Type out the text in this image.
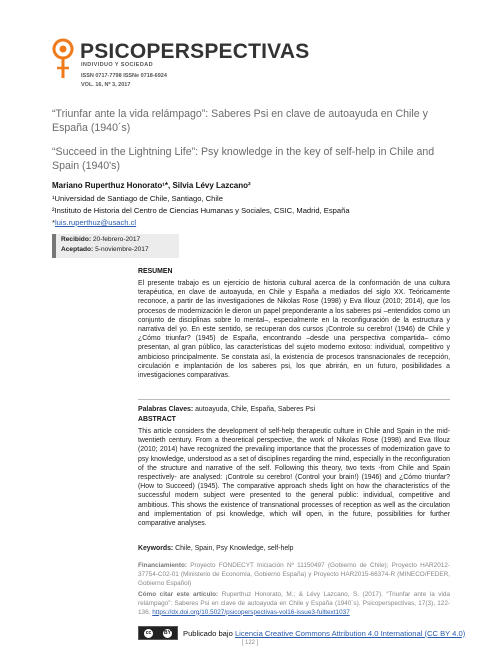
PSICOPERSPECTIVAS
INDIVIDUO Y SOCIEDAD
ISSN 0717-7798 ISSNe 0718-6924
VOL. 16, Nº 3, 2017
“Triunfar ante la vida relámpago”: Saberes Psi en clave de autoayuda en Chile y España (1940´s)
“Succeed in the Lightning Life”: Psy knowledge in the key of self-help in Chile and Spain (1940's)
Mariano Ruperthuz Honorato¹*, Silvia Lévy Lazcano²
¹Universidad de Santiago de Chile, Santiago, Chile
²Instituto de Historia del Centro de Ciencias Humanas y Sociales, CSIC, Madrid, España
*luis.ruperthuz@usach.cl
Recibido: 20-febrero-2017
Aceptado: 5-noviembre-2017
RESUMEN

El presente trabajo es un ejercicio de historia cultural acerca de la conformación de una cultura terapéutica, en clave de autoayuda, en Chile y España a mediados del siglo XX. Teóricamente reconoce, a partir de las investigaciones de Nikolas Rose (1998) y Eva Illouz (2010; 2014), que los procesos de modernización le dieron un papel preponderante a los saberes psi –entendidos como un conjunto de disciplinas sobre lo mental–, especialmente en la reconfiguración de la estructura y narrativa del yo. En este sentido, se recuperan dos cursos ¡Controle su cerebro! (1946) de Chile y ¿Cómo triunfar? (1945) de España, encontrando –desde una perspectiva compartida– cómo presentan, al gran público, las características del sujeto moderno exitoso: individual, competitivo y ambicioso principalmente. Se constata así, la existencia de procesos transnacionales de recepción, circulación e implantación de los saberes psi, los que abrirán, en un futuro, posibilidades a investigaciones comparativas.

Palabras Claves: autoayuda, Chile, España, Saberes Psi
ABSTRACT

This article considers the development of self-help therapeutic culture in Chile and Spain in the mid-twentieth century. From a theoretical perspective, the work of Nikolas Rose (1998) and Eva Illouz (2010; 2014) have recognized the prevailing importance that the processes of modernization gave to psy knowledge, understood as a set of disciplines regarding the mind, especially in the reconfiguration of the structure and narrative of the self. Following this theory, two texts -from Chile and Spain respectively- are analysed: ¡Controle su cerebro! (Control your brain!) (1946) and ¿Cómo triunfar? (How to Succeed) (1945). The comparative approach sheds light on how the characteristics of the successful modern subject were presented to the general public: individual, competitive and ambitious. This shows the existence of transnational processes of reception as well as the circulation and implementation of psi knowledge, which will open, in the future, possibilities for further comparative analyses.

Keywords: Chile, Spain, Psy Knowledge, self-help

Financiamiento: Proyecto FONDECYT Iniciación Nº 11150497 (Gobierno de Chile); Proyecto HAR2012-37754-C02-01 (Ministerio de Economía, Gobierno España) y Proyecto HAR2015-66374-R (MINECO/FEDER, Gobierno Español)

Cómo citar este artículo: Ruperthuz Honorato, M.; & Lévy Lazcano, S. (2017). “Triunfar ante la vida relámpago”: Saberes Psi en clave de autoayuda en Chile y España (1940´s). Psicoperspectivas, 17(3), 122-136. https://dx.doi.org/10.5027/psicoperspectivas-vol16-issue3-fulltext1037

cc	BY Publicado bajo Licencia Creative Commons Attribution 4.0 International (CC BY 4.0)
[ 122 ]
